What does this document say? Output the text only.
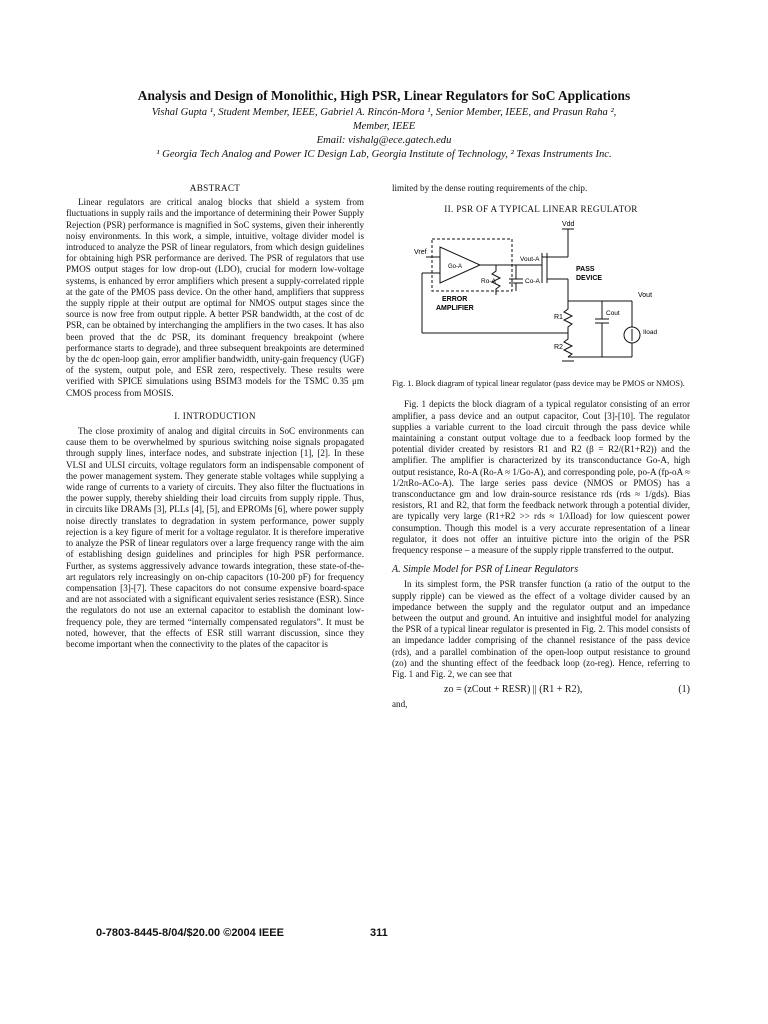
Analysis and Design of Monolithic, High PSR, Linear Regulators for SoC Applications
Vishal Gupta ¹, Student Member, IEEE, Gabriel A. Rincón-Mora ¹, Senior Member, IEEE, and Prasun Raha ²,
Member, IEEE
Email: vishalg@ece.gatech.edu
¹ Georgia Tech Analog and Power IC Design Lab, Georgia Institute of Technology, ² Texas Instruments Inc.
ABSTRACT

Linear regulators are critical analog blocks that shield a system from fluctuations in supply rails and the importance of determining their Power Supply Rejection (PSR) performance is magnified in SoC systems, given their inherently noisy environments. In this work, a simple, intuitive, voltage divider model is introduced to analyze the PSR of linear regulators, from which design guidelines for obtaining high PSR performance are derived. The PSR of regulators that use PMOS output stages for low drop-out (LDO), crucial for modern low-voltage systems, is enhanced by error amplifiers which present a supply-correlated ripple at the gate of the PMOS pass device. On the other hand, amplifiers that suppress the supply ripple at their output are optimal for NMOS output stages since the source is now free from output ripple. A better PSR bandwidth, at the cost of dc PSR, can be obtained by interchanging the amplifiers in the two cases. It has also been proved that the dc PSR, its dominant frequency breakpoint (where performance starts to degrade), and three subsequent breakpoints are determined by the dc open-loop gain, error amplifier bandwidth, unity-gain frequency (UGF) of the system, output pole, and ESR zero, respectively. These results were verified with SPICE simulations using BSIM3 models for the TSMC 0.35 μm CMOS process from MOSIS.

I. INTRODUCTION

The close proximity of analog and digital circuits in SoC environments can cause them to be overwhelmed by spurious switching noise signals propagated through supply lines, interface nodes, and substrate injection [1], [2]. In these VLSI and ULSI circuits, voltage regulators form an indispensable component of the power management system. They generate stable voltages while supplying a wide range of currents to a variety of circuits. They also filter the fluctuations in the power supply, thereby shielding their load circuits from supply ripple. Thus, in circuits like DRAMs [3], PLLs [4], [5], and EPROMs [6], where power supply noise directly translates to degradation in system performance, power supply rejection is a key figure of merit for a voltage regulator. It is therefore imperative to analyze the PSR of linear regulators over a large frequency range with the aim of establishing design guidelines and principles for high PSR performance. Further, as systems aggressively advance towards integration, these state-of-the-art regulators rely increasingly on on-chip capacitors (10-200 pF) for frequency compensation [3]-[7]. These capacitors do not consume expensive board-space and are not associated with a significant equivalent series resistance (ESR). Since the regulators do not use an external capacitor to establish the dominant low-frequency pole, they are termed “internally compensated regulators”. It must be noted, however, that the effects of ESR still warrant discussion, since they become important when the connectivity to the plates of the capacitor is

limited by the dense routing requirements of the chip.

II. PSR OF A TYPICAL LINEAR REGULATOR
Vdd
Vref
Go-A
Vout-A
PASS
DEVICE
Ro-A	Co-A
ERROR
AMPLIFIER
Vout
R1
R2
Cout
Iload

Fig. 1. Block diagram of typical linear regulator (pass device may be PMOS or NMOS).

Fig. 1 depicts the block diagram of a typical regulator consisting of an error amplifier, a pass device and an output capacitor, Cout [3]-[10]. The regulator supplies a variable current to the load circuit through the pass device while maintaining a constant output voltage due to a feedback loop formed by the potential divider created by resistors R1 and R2 (β = R2/(R1+R2)) and the amplifier. The amplifier is characterized by its transconductance Go-A, high output resistance, Ro-A (Ro-A ≈ 1/Go-A), and corresponding pole, po-A (fp-oA ≈ 1/2πRo-ACo-A). The large series pass device (NMOS or PMOS) has a transconductance gm and low drain-source resistance rds (rds ≈ 1/gds). Bias resistors, R1 and R2, that form the feedback network through a potential divider, are typically very large (R1+R2 >> rds ≈ 1/λIload) for low quiescent power consumption. Though this model is a very accurate representation of a linear regulator, it does not offer an intuitive picture into the origin of the PSR frequency response – a measure of the supply ripple transferred to the output.

A. Simple Model for PSR of Linear Regulators

In its simplest form, the PSR transfer function (a ratio of the output to the supply ripple) can be viewed as the effect of a voltage divider caused by an impedance between the supply and the regulator output and an impedance between the output and ground. An intuitive and insightful model for analyzing the PSR of a typical linear regulator is presented in Fig. 2. This model consists of an impedance ladder comprising of the channel resistance of the pass device (rds), and a parallel combination of the open-loop output resistance to ground (zo) and the shunting effect of the feedback loop (zo-reg). Hence, referring to Fig. 1 and Fig. 2, we can see that

zo = (zCout + RESR) || (R1 + R2),	(1)

and,

0-7803-8445-8/04/$20.00 ©2004 IEEE	311
